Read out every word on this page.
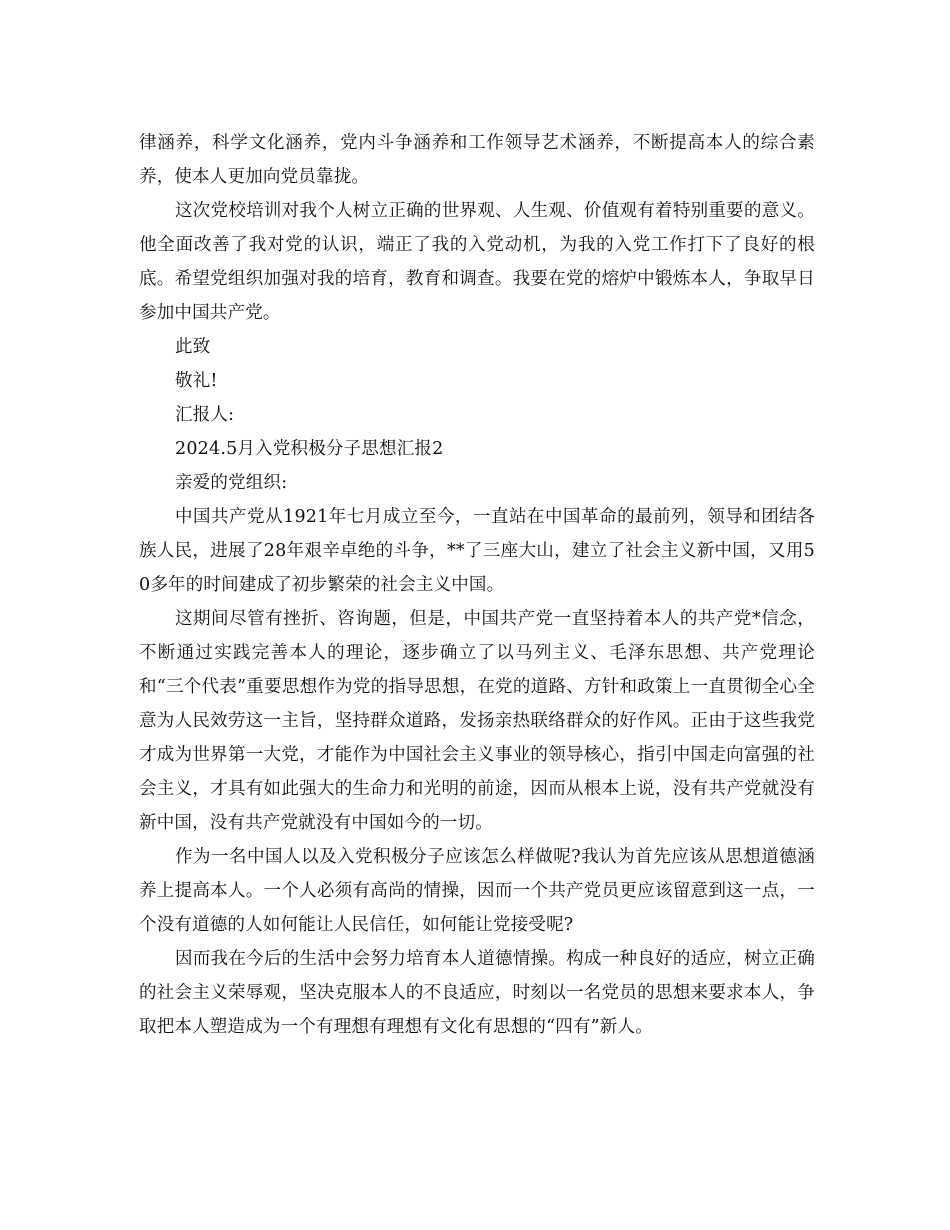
律涵养，科学文化涵养，党内斗争涵养和工作领导艺术涵养，不断提高本人的综合素养，使本人更加向党员靠拢。

这次党校培训对我个人树立正确的世界观、人生观、价值观有着特别重要的意义。他全面改善了我对党的认识，端正了我的入党动机，为我的入党工作打下了良好的根底。希望党组织加强对我的培育，教育和调查。我要在党的熔炉中锻炼本人，争取早日参加中国共产党。

此致

敬礼!

汇报人:

2024.5月入党积极分子思想汇报2

亲爱的党组织:

中国共产党从1921年七月成立至今，一直站在中国革命的最前列，领导和团结各族人民，进展了28年艰辛卓绝的斗争，**了三座大山，建立了社会主义新中国，又用50多年的时间建成了初步繁荣的社会主义中国。

这期间尽管有挫折、咨询题，但是，中国共产党一直坚持着本人的共产党*信念，不断通过实践完善本人的理论，逐步确立了以马列主义、毛泽东思想、共产党理论和“三个代表”重要思想作为党的指导思想，在党的道路、方针和政策上一直贯彻全心全意为人民效劳这一主旨，坚持群众道路，发扬亲热联络群众的好作风。正由于这些我党才成为世界第一大党，才能作为中国社会主义事业的领导核心，指引中国走向富强的社会主义，才具有如此强大的生命力和光明的前途，因而从根本上说，没有共产党就没有新中国，没有共产党就没有中国如今的一切。

作为一名中国人以及入党积极分子应该怎么样做呢?我认为首先应该从思想道德涵养上提高本人。一个人必须有高尚的情操，因而一个共产党员更应该留意到这一点，一个没有道德的人如何能让人民信任，如何能让党接受呢?

因而我在今后的生活中会努力培育本人道德情操。构成一种良好的适应，树立正确的社会主义荣辱观，坚决克服本人的不良适应，时刻以一名党员的思想来要求本人，争取把本人塑造成为一个有理想有理想有文化有思想的“四有”新人。
